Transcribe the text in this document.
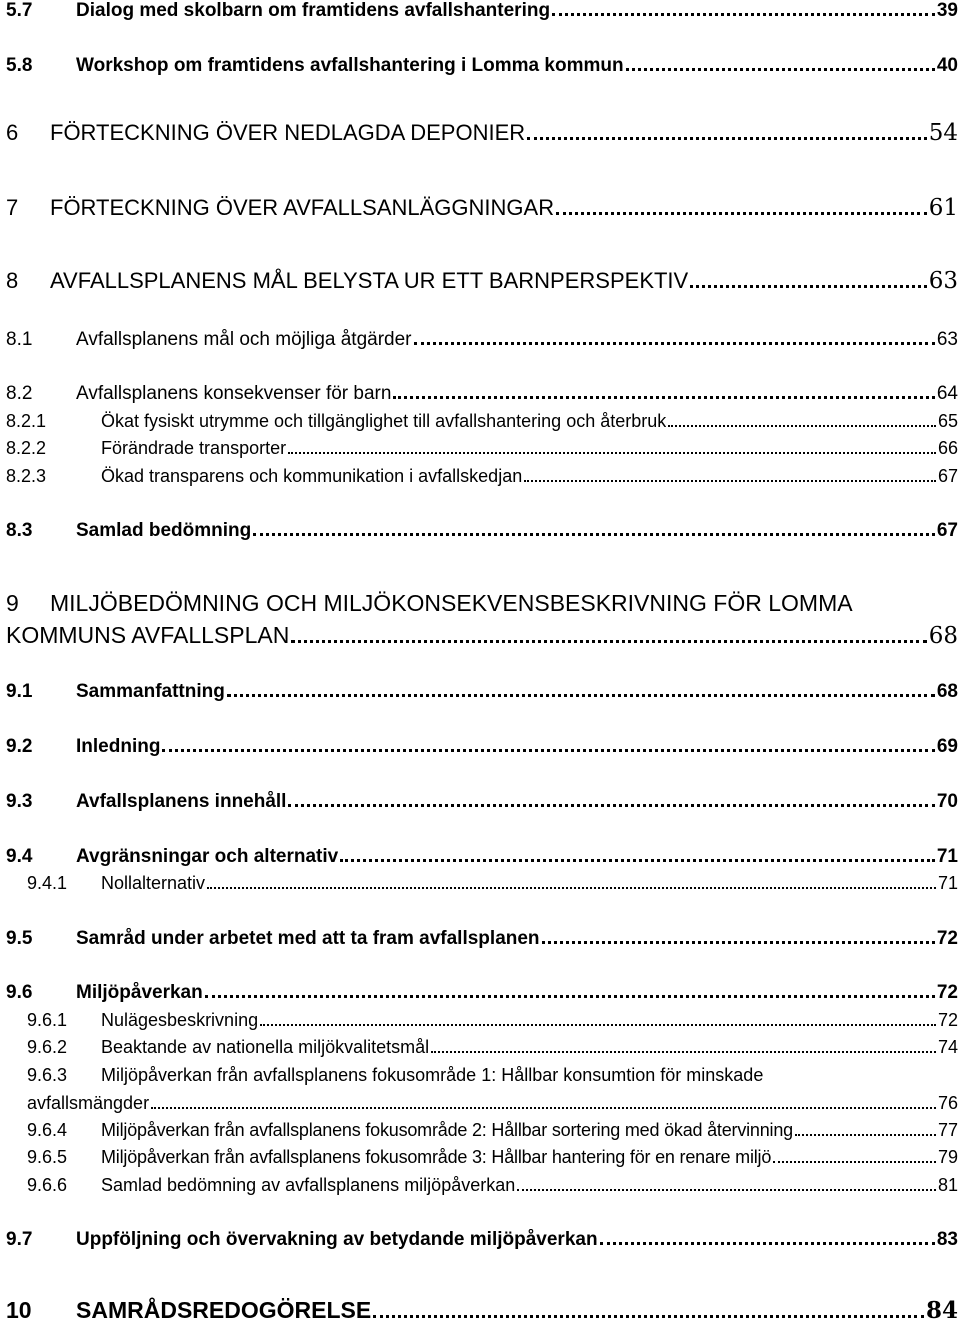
5.7	Dialog med skolbarn om framtidens avfallshantering	39
5.8	Workshop om framtidens avfallshantering i Lomma kommun	40
6	FÖRTECKNING ÖVER NEDLAGDA DEPONIER	54
7	FÖRTECKNING ÖVER AVFALLSANLÄGGNINGAR	61
8	AVFALLSPLANENS MÅL BELYSTA UR ETT BARNPERSPEKTIV	63
8.1	Avfallsplanens mål och möjliga åtgärder	63
8.2	Avfallsplanens konsekvenser för barn	64
8.2.1	Ökat fysiskt utrymme och tillgänglighet till avfallshantering och återbruk	65
8.2.2	Förändrade transporter	66
8.2.3	Ökad transparens och kommunikation i avfallskedjan	67
8.3	Samlad bedömning	67
9 MILJÖBEDÖMNING OCH MILJÖKONSEKVENSBESKRIVNING FÖR LOMMA
KOMMUNS AVFALLSPLAN	68
9.1	Sammanfattning	68
9.2	Inledning	69
9.3	Avfallsplanens innehåll	70
9.4	Avgränsningar och alternativ	71
9.4.1	Nollalternativ	71
9.5	Samråd under arbetet med att ta fram avfallsplanen	72
9.6	Miljöpåverkan	72
9.6.1	Nulägesbeskrivning	72
9.6.2	Beaktande av nationella miljökvalitetsmål	74
9.6.3 Miljöpåverkan från avfallsplanens fokusområde 1: Hållbar konsumtion för minskade
avfallsmängder	76
9.6.4	Miljöpåverkan från avfallsplanens fokusområde 2: Hållbar sortering med ökad återvinning	77
9.6.5	Miljöpåverkan från avfallsplanens fokusområde 3: Hållbar hantering för en renare miljö	79
9.6.6	Samlad bedömning av avfallsplanens miljöpåverkan	81
9.7	Uppföljning och övervakning av betydande miljöpåverkan	83
10	SAMRÅDSREDOGÖRELSE	84
